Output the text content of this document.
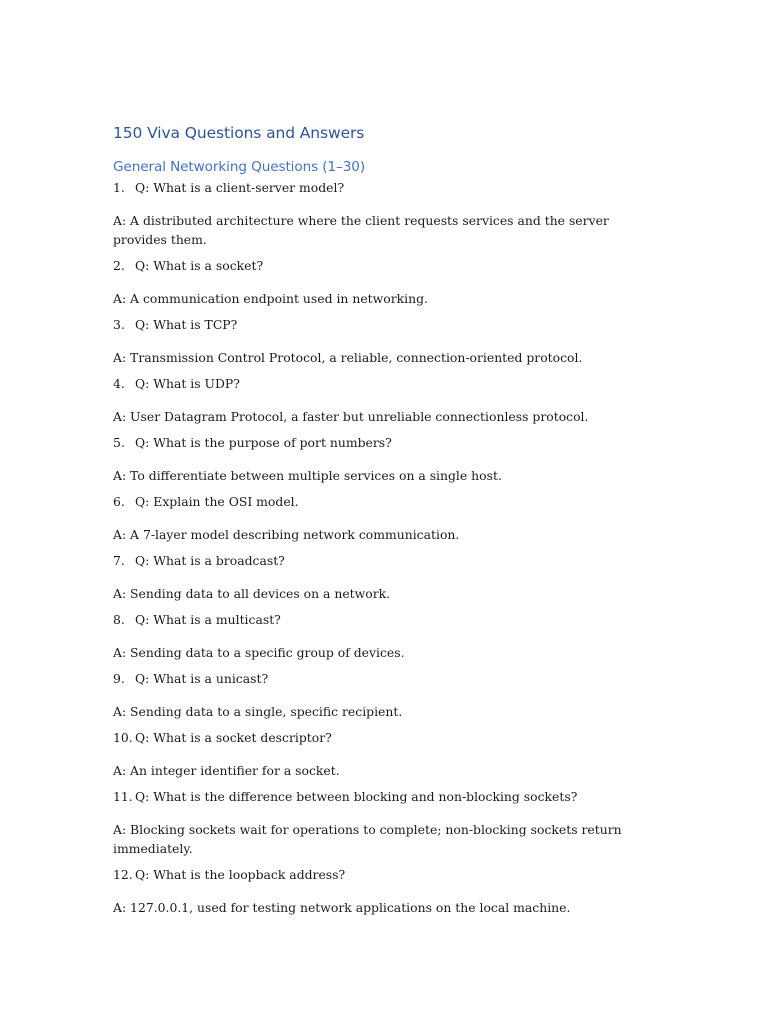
150 Viva Questions and Answers
General Networking Questions (1–30)

1. Q: What is a client-server model?

A: A distributed architecture where the client requests services and the server provides them.

2. Q: What is a socket?

A: A communication endpoint used in networking.

3. Q: What is TCP?

A: Transmission Control Protocol, a reliable, connection-oriented protocol.

4. Q: What is UDP?

A: User Datagram Protocol, a faster but unreliable connectionless protocol.

5. Q: What is the purpose of port numbers?

A: To differentiate between multiple services on a single host.

6. Q: Explain the OSI model.

A: A 7-layer model describing network communication.

7. Q: What is a broadcast?

A: Sending data to all devices on a network.

8. Q: What is a multicast?

A: Sending data to a specific group of devices.

9. Q: What is a unicast?

A: Sending data to a single, specific recipient.

10. Q: What is a socket descriptor?

A: An integer identifier for a socket.

11. Q: What is the difference between blocking and non-blocking sockets?

A: Blocking sockets wait for operations to complete; non-blocking sockets return immediately.

12. Q: What is the loopback address?

A: 127.0.0.1, used for testing network applications on the local machine.
